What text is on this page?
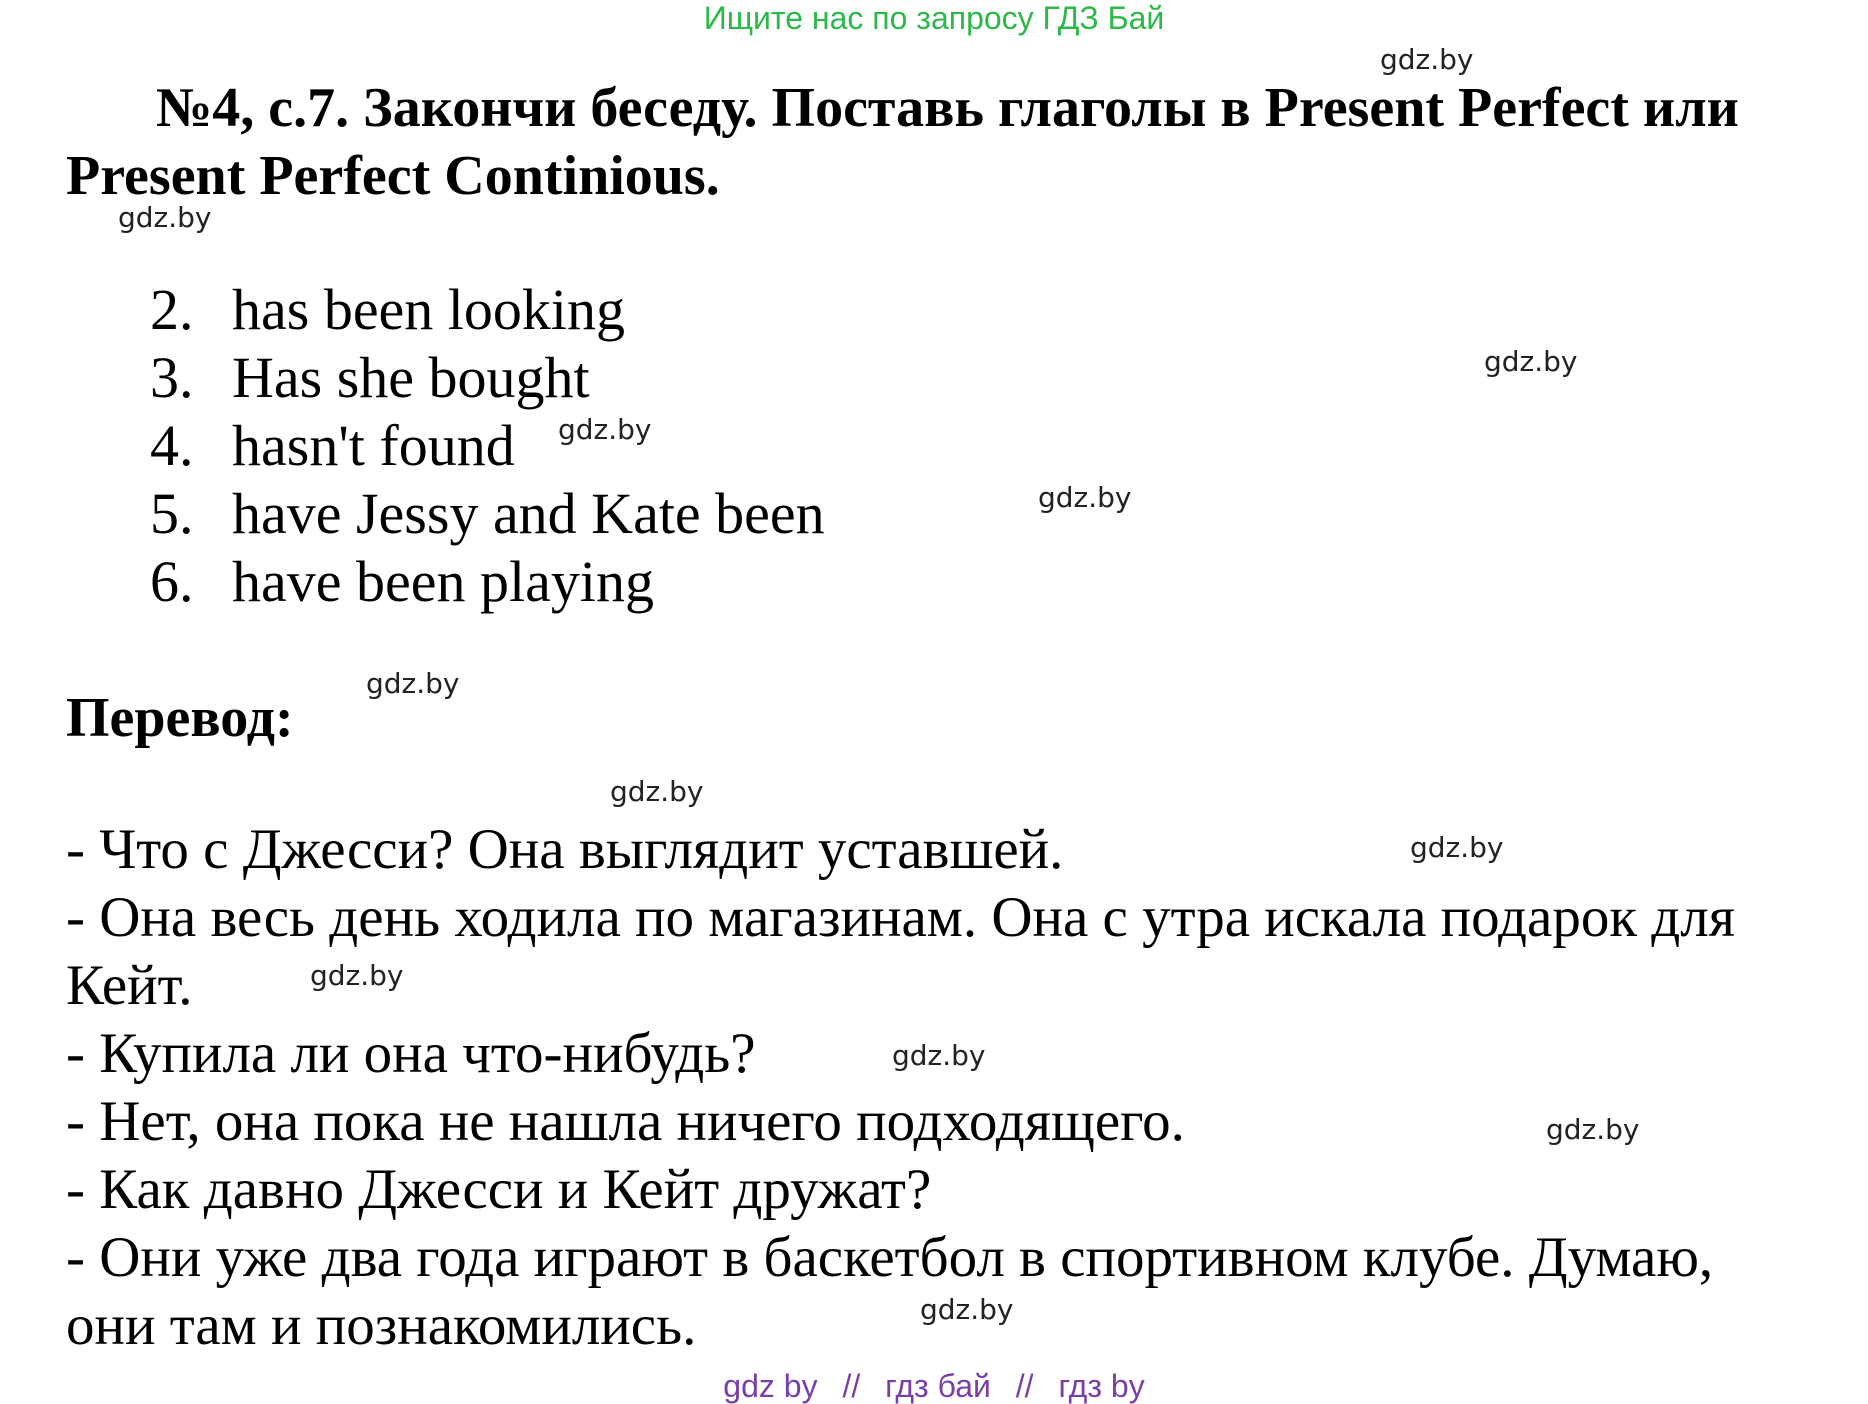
Ищите нас по запросу ГДЗ Бай
gdz.by
gdz.by
gdz.by
gdz.by
gdz.by
gdz.by
gdz.by
gdz.by
gdz.by
gdz.by
gdz.by
gdz.by
№4, с.7. Закончи беседу. Поставь глаголы в Present Perfect или Present Perfect Continious.
2. has been looking
3. Has she bought
4. hasn't found
5. have Jessy and Kate been
6. have been playing
Перевод:

- Что с Джесси? Она выглядит уставшей.

- Она весь день ходила по магазинам. Она с утра искала подарок для Кейт.

- Купила ли она что-нибудь?

- Нет, она пока не нашла ничего подходящего.

- Как давно Джесси и Кейт дружат?

- Они уже два года играют в баскетбол в спортивном клубе. Думаю, они там и познакомились.

gdz by // гдз бай // гдз by
